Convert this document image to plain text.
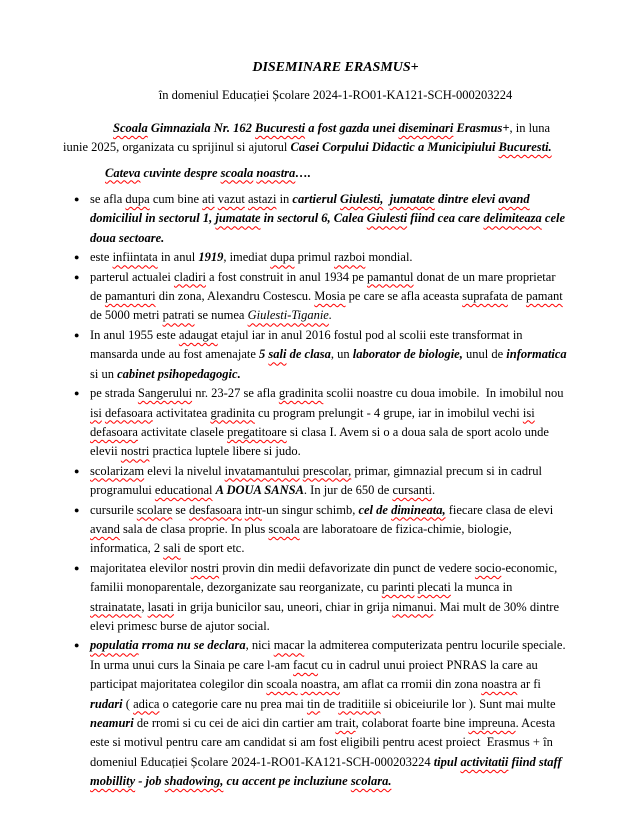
DISEMINARE ERASMUS+
în domeniul Educației Școlare 2024-1-RO01-KA121-SCH-000203224
Scoala Gimnaziala Nr. 162 Bucuresti a fost gazda unei diseminari Erasmus+, in luna iunie 2025, organizata cu sprijinul si ajutorul Casei Corpului Didactic a Municipiului Bucuresti.
Cateva cuvinte despre scoala noastra….
● se afla dupa cum bine ati vazut astazi in cartierul Giulesti, jumatate dintre elevi avand domiciliul in sectorul 1, jumatate in sectorul 6, Calea Giulesti fiind cea care delimiteaza cele doua sectoare.
● este infiintata in anul 1919, imediat dupa primul razboi mondial.
● parterul actualei cladiri a fost construit in anul 1934 pe pamantul donat de un mare proprietar de pamanturi din zona, Alexandru Costescu. Mosia pe care se afla aceasta suprafata de pamant  de 5000 metri patrati se numea Giulesti-Tiganie.
● In anul 1955 este adaugat etajul iar in anul 2016 fostul pod al scolii este transformat in mansarda unde au fost amenajate 5 sali de clasa, un laborator de biologie, unul de informatica si un cabinet psihopedagogic.
● pe strada Sangerului nr. 23-27 se afla gradinita scolii noastre cu doua imobile.  In imobilul nou isi defasoara activitatea gradinita cu program prelungit - 4 grupe, iar in imobilul vechi isi defasoara activitate clasele pregatitoare si clasa I. Avem si o a doua sala de sport acolo unde elevii nostri practica luptele libere si judo.
● scolarizam elevi la nivelul invatamantului prescolar, primar, gimnazial precum si in cadrul programului educational A DOUA SANSA. In jur de 650 de cursanti.
● cursurile scolare se desfasoara intr-un singur schimb, cel de dimineata, fiecare clasa de elevi avand sala de clasa proprie. In plus scoala are laboratoare de fizica-chimie, biologie, informatica, 2 sali de sport etc.
● majoritatea elevilor nostri provin din medii defavorizate din punct de vedere socio-economic, familii monoparentale, dezorganizate sau reorganizate, cu parinti plecati la munca in strainatate, lasati in grija bunicilor sau, uneori, chiar in grija nimanui. Mai mult de 30% dintre elevi primesc burse de ajutor social.
● populatia rroma nu se declara, nici macar la admiterea computerizata pentru locurile speciale. In urma unui curs la Sinaia pe care l-am facut cu in cadrul unui proiect PNRAS la care au participat majoritatea colegilor din scoala noastra, am aflat ca rromii din zona noastra ar fi rudari ( adica o categorie care nu prea mai tin de traditiile si obiceiurile lor ). Sunt mai multe neamuri de rromi si cu cei de aici din cartier am trait, colaborat foarte bine impreuna. Acesta este si motivul pentru care am candidat si am fost eligibili pentru acest proiect  Erasmus + în domeniul Educației Școlare 2024-1-RO01-KA121-SCH-000203224 tipul activitatii fiind staff mobillity - job shadowing, cu accent pe incluziune scolara.
